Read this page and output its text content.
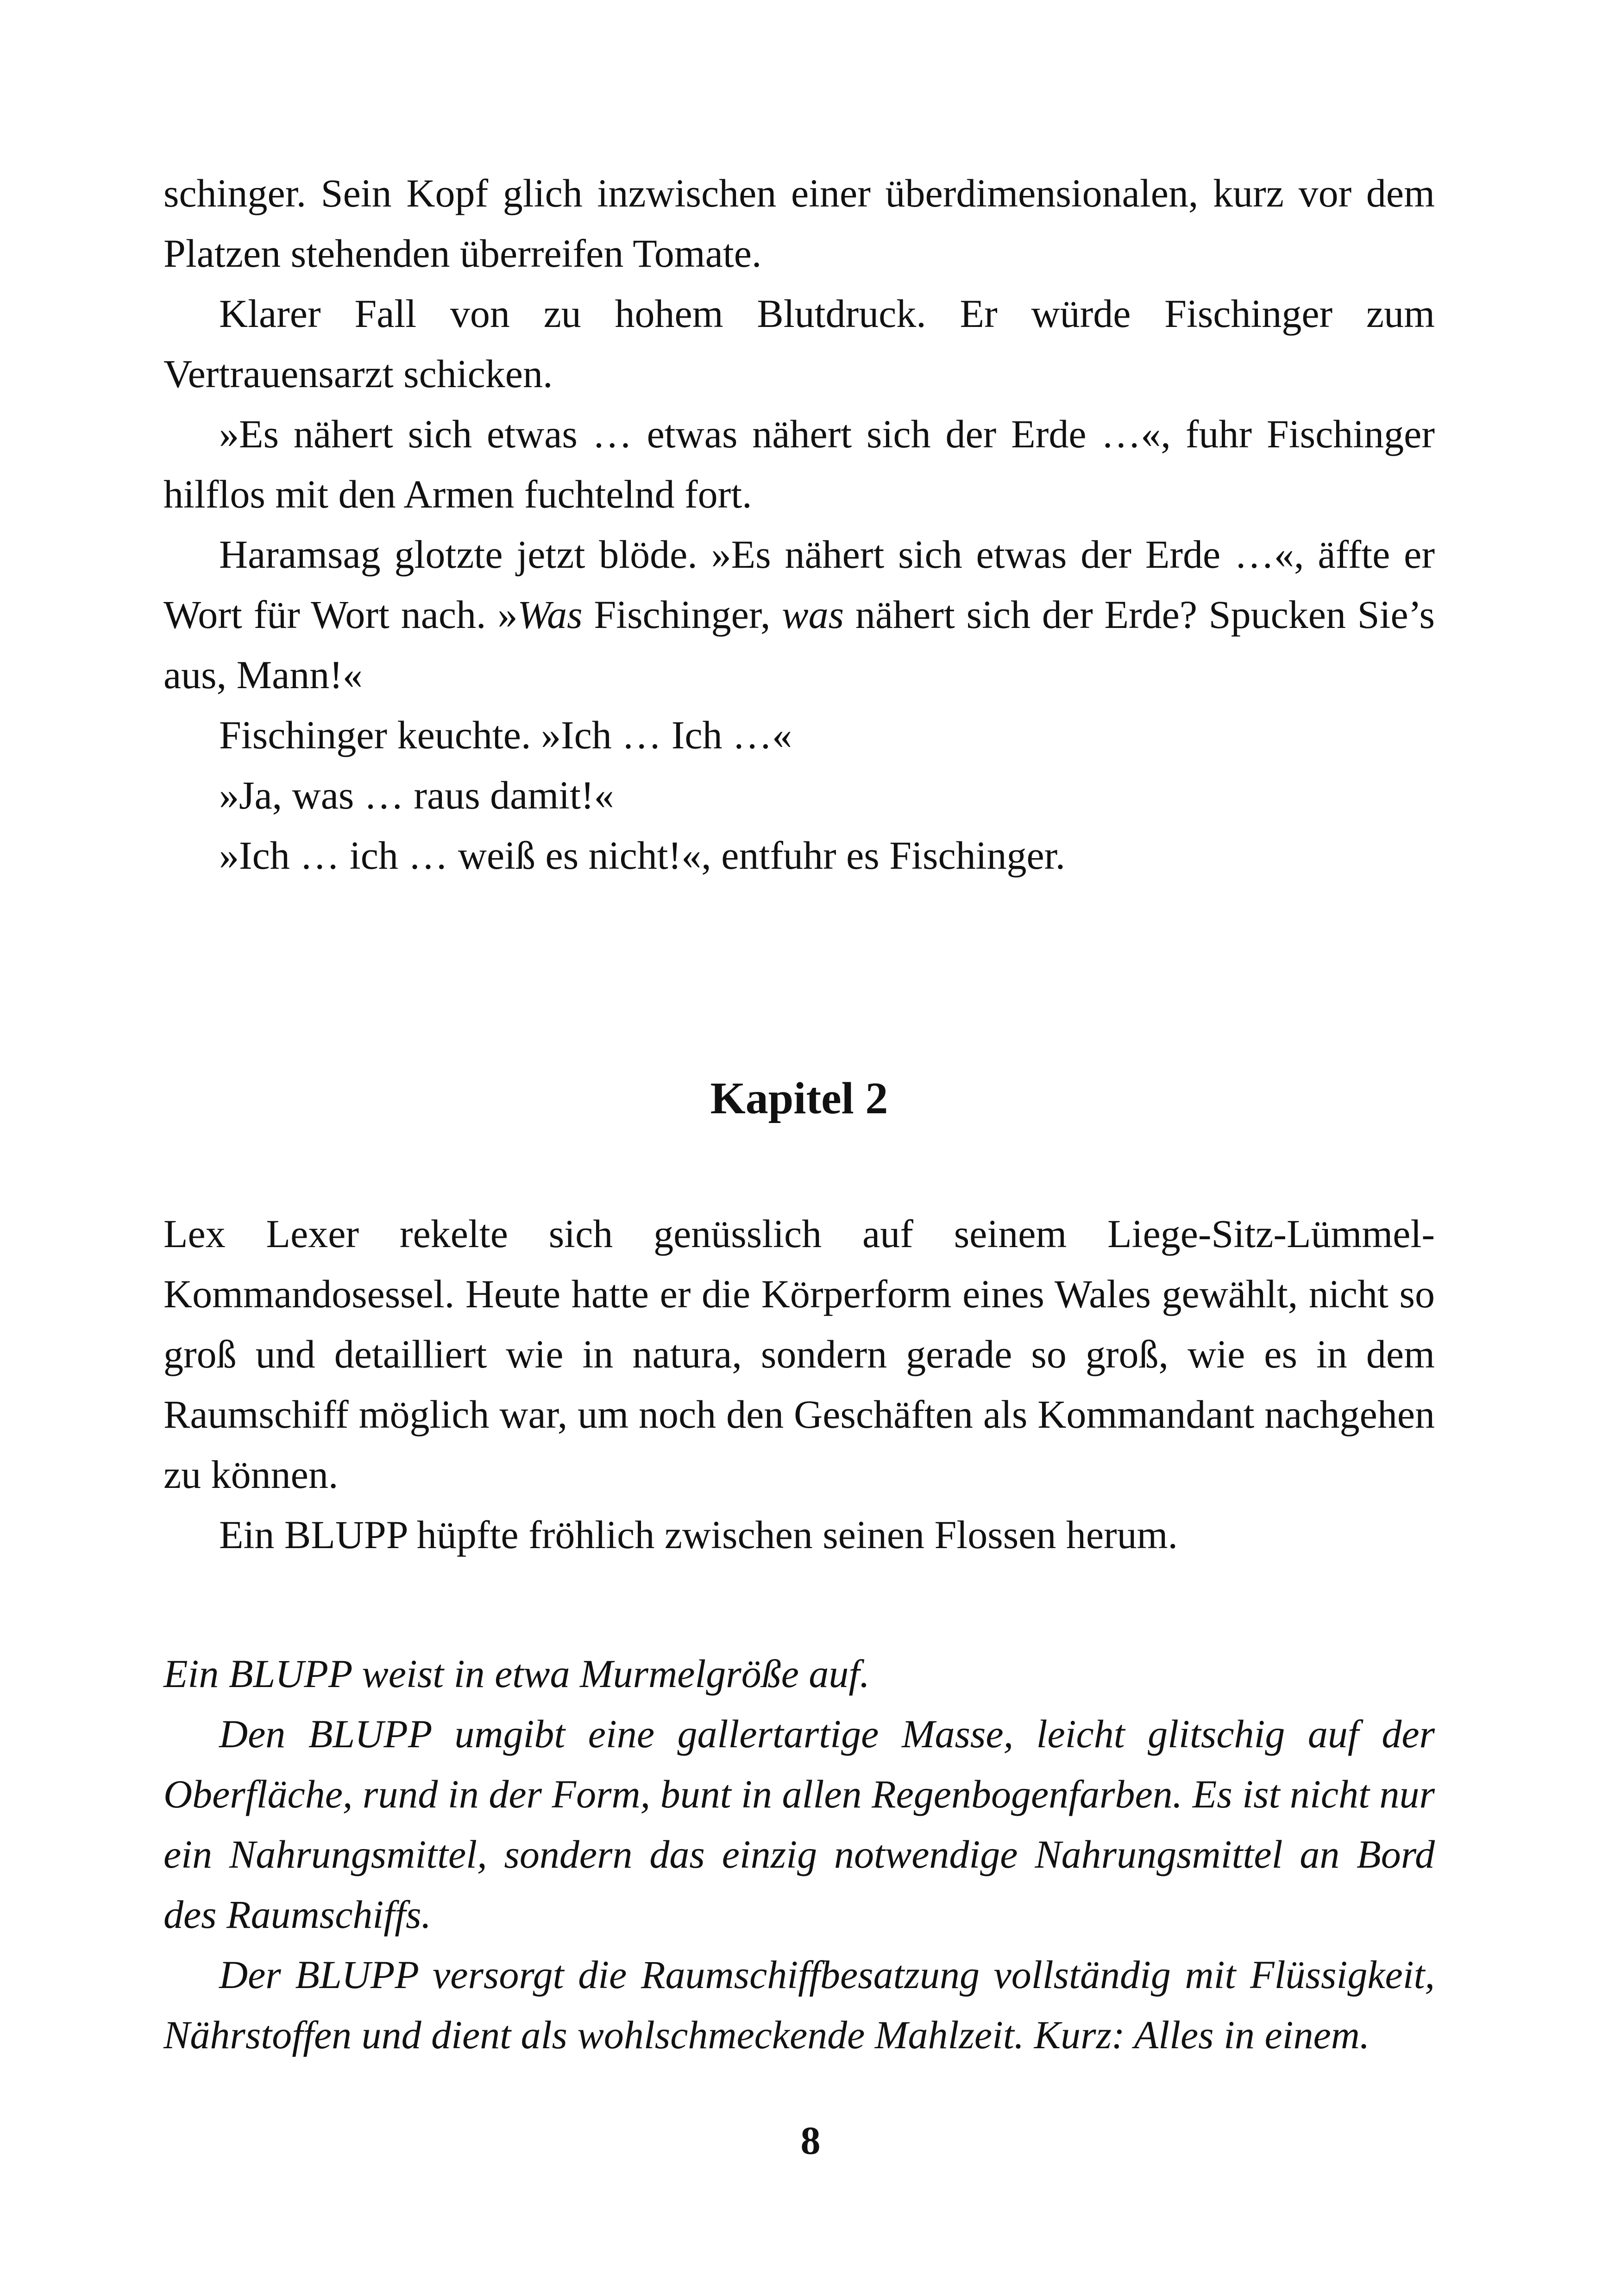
schinger. Sein Kopf glich inzwischen einer überdimensionalen, kurz vor dem Platzen stehenden überreifen Tomate.

Klarer Fall von zu hohem Blutdruck. Er würde Fischinger zum Vertrauensarzt schicken.

»Es nähert sich etwas … etwas nähert sich der Erde …«, fuhr Fischinger hilflos mit den Armen fuchtelnd fort.

Haramsag glotzte jetzt blöde. »Es nähert sich etwas der Erde …«, äffte er Wort für Wort nach. »Was Fischinger, was nähert sich der Erde? Spucken Sie’s aus, Mann!«

Fischinger keuchte. »Ich … Ich …«

»Ja, was … raus damit!«

»Ich … ich … weiß es nicht!«, entfuhr es Fischinger.

Kapitel 2

Lex Lexer rekelte sich genüsslich auf seinem Liege-Sitz-Lümmel-Kommandosessel. Heute hatte er die Körperform eines Wales gewählt, nicht so groß und detailliert wie in natura, sondern gerade so groß, wie es in dem Raumschiff möglich war, um noch den Geschäften als Kommandant nachgehen zu können.

Ein BLUPP hüpfte fröhlich zwischen seinen Flossen herum.

Ein BLUPP weist in etwa Murmelgröße auf.

Den BLUPP umgibt eine gallertartige Masse, leicht glitschig auf der Oberfläche, rund in der Form, bunt in allen Regenbogenfarben. Es ist nicht nur ein Nahrungsmittel, sondern das einzig notwendige Nahrungsmittel an Bord des Raumschiffs.

Der BLUPP versorgt die Raumschiffbesatzung vollständig mit Flüssigkeit, Nährstoffen und dient als wohlschmeckende Mahlzeit. Kurz: Alles in einem.

8
